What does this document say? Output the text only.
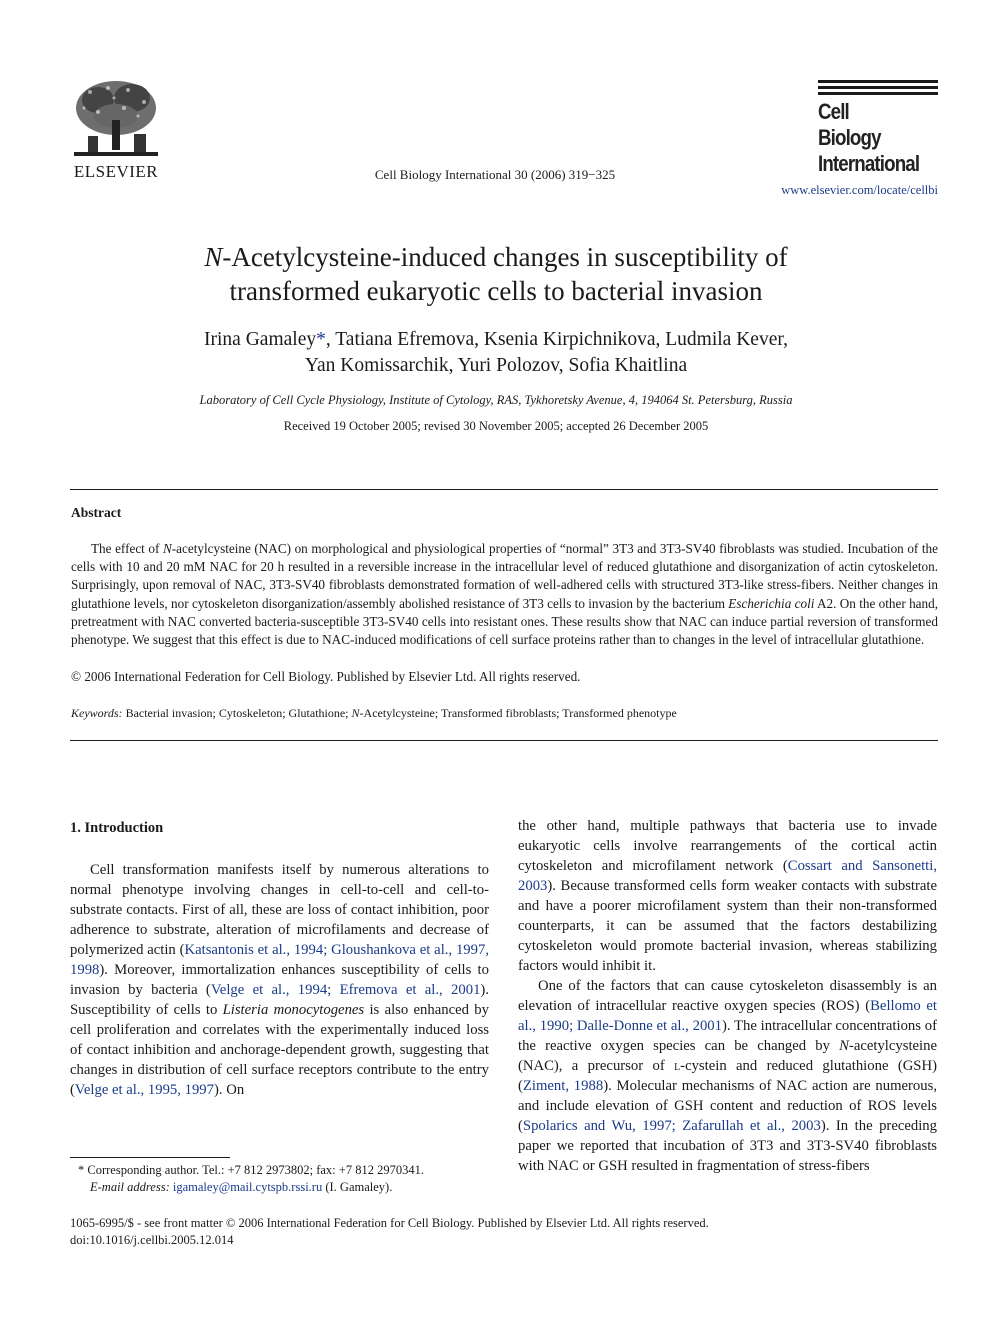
ELSEVIER	Cell Biology International 30 (2006) 319−325
Cell
Biology
International
www.elsevier.com/locate/cellbi
N-Acetylcysteine-induced changes in susceptibility of
transformed eukaryotic cells to bacterial invasion
Irina Gamaley*, Tatiana Efremova, Ksenia Kirpichnikova, Ludmila Kever,
Yan Komissarchik, Yuri Polozov, Sofia Khaitlina
Laboratory of Cell Cycle Physiology, Institute of Cytology, RAS, Tykhoretsky Avenue, 4, 194064 St. Petersburg, Russia
Received 19 October 2005; revised 30 November 2005; accepted 26 December 2005
Abstract
The effect of N-acetylcysteine (NAC) on morphological and physiological properties of “normal” 3T3 and 3T3-SV40 fibroblasts was studied. Incubation of the cells with 10 and 20 mM NAC for 20 h resulted in a reversible increase in the intracellular level of reduced glutathione and disorganization of actin cytoskeleton. Surprisingly, upon removal of NAC, 3T3-SV40 fibroblasts demonstrated formation of well-adhered cells with structured 3T3-like stress-fibers. Neither changes in glutathione levels, nor cytoskeleton disorganization/assembly abolished resistance of 3T3 cells to invasion by the bacterium Escherichia coli A2. On the other hand, pretreatment with NAC converted bacteria-susceptible 3T3-SV40 cells into resistant ones. These results show that NAC can induce partial reversion of transformed phenotype. We suggest that this effect is due to NAC-induced modifications of cell surface proteins rather than to changes in the level of intracellular glutathione.
© 2006 International Federation for Cell Biology. Published by Elsevier Ltd. All rights reserved.
Keywords: Bacterial invasion; Cytoskeleton; Glutathione; N-Acetylcysteine; Transformed fibroblasts; Transformed phenotype
1. Introduction

Cell transformation manifests itself by numerous alterations to normal phenotype involving changes in cell-to-cell and cell-to-substrate contacts. First of all, these are loss of contact inhibition, poor adherence to substrate, alteration of microfilaments and decrease of polymerized actin (Katsantonis et al., 1994; Gloushankova et al., 1997, 1998). Moreover, immortalization enhances susceptibility of cells to invasion by bacteria (Velge et al., 1994; Efremova et al., 2001). Susceptibility of cells to Listeria monocytogenes is also enhanced by cell proliferation and correlates with the experimentally induced loss of contact inhibition and anchorage-dependent growth, suggesting that changes in distribution of cell surface receptors contribute to the entry (Velge et al., 1995, 1997). On

the other hand, multiple pathways that bacteria use to invade eukaryotic cells involve rearrangements of the cortical actin cytoskeleton and microfilament network (Cossart and Sansonetti, 2003). Because transformed cells form weaker contacts with substrate and have a poorer microfilament system than their non-transformed counterparts, it can be assumed that the factors destabilizing cytoskeleton would promote bacterial invasion, whereas stabilizing factors would inhibit it.

One of the factors that can cause cytoskeleton disassembly is an elevation of intracellular reactive oxygen species (ROS) (Bellomo et al., 1990; Dalle-Donne et al., 2001). The intracellular concentrations of the reactive oxygen species can be changed by N-acetylcysteine (NAC), a precursor of l-cystein and reduced glutathione (GSH) (Ziment, 1988). Molecular mechanisms of NAC action are numerous, and include elevation of GSH content and reduction of ROS levels (Spolarics and Wu, 1997; Zafarullah et al., 2003). In the preceding paper we reported that incubation of 3T3 and 3T3-SV40 fibroblasts with NAC or GSH resulted in fragmentation of stress-fibers

* Corresponding author. Tel.: +7 812 2973802; fax: +7 812 2970341.
E-mail address: igamaley@mail.cytspb.rssi.ru (I. Gamaley).
1065-6995/$ - see front matter © 2006 International Federation for Cell Biology. Published by Elsevier Ltd. All rights reserved.
doi:10.1016/j.cellbi.2005.12.014
